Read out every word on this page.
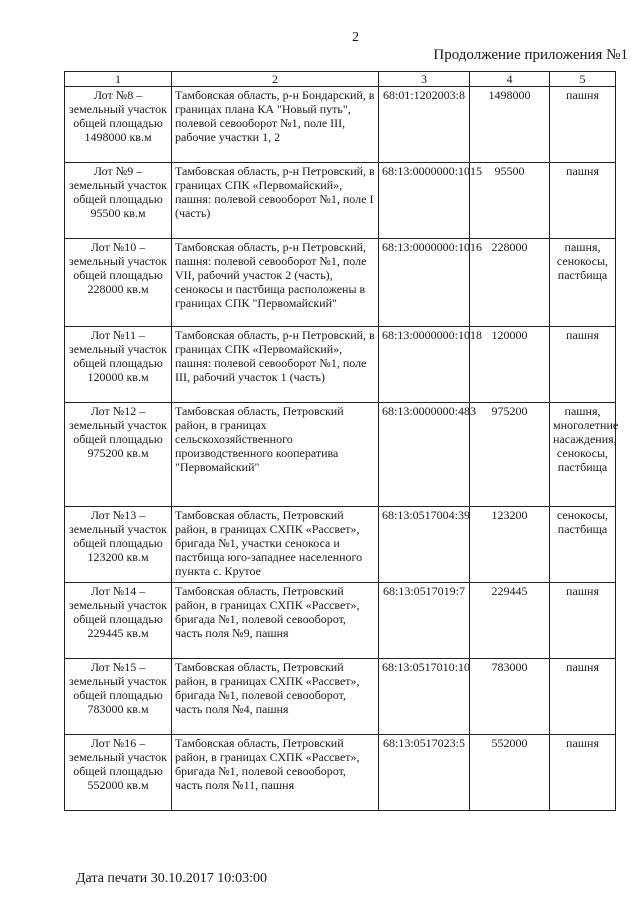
2
Продолжение приложения №1
1	2	3	4	5
Лот №8 – земельный участок общей площадью 1498000 кв.м	Тамбовская область, р-н Бондарский, в границах плана КА "Новый путь", полевой севооборот №1, поле III, рабочие участки 1, 2	68:01:1202003:8	1498000	пашня
Лот №9 – земельный участок общей площадью 95500 кв.м	Тамбовская область, р-н Петровский, в границах СПК «Первомайский», пашня: полевой севооборот №1, поле I (часть)	68:13:0000000:1015	95500	пашня
Лот №10 – земельный участок общей площадью 228000 кв.м	Тамбовская область, р-н Петровский, пашня: полевой севооборот №1, поле VII, рабочий участок 2 (часть), сенокосы и пастбища расположены в границах СПК "Первомайский"	68:13:0000000:1016	228000	пашня, сенокосы, пастбища
Лот №11 – земельный участок общей площадью 120000 кв.м	Тамбовская область, р-н Петровский, в границах СПК «Первомайский», пашня: полевой севооборот №1, поле III, рабочий участок 1 (часть)	68:13:0000000:1018	120000	пашня
Лот №12 – земельный участок общей площадью 975200 кв.м	Тамбовская область, Петровский район, в границах сельскохозяйственного производственного кооператива "Первомайский"	68:13:0000000:483	975200	пашня, многолетние насаждения, сенокосы, пастбища
Лот №13 – земельный участок общей площадью 123200 кв.м	Тамбовская область, Петровский район, в границах СХПК «Рассвет», бригада №1, участки сенокоса и пастбища юго-западнее населенного пункта с. Крутое	68:13:0517004:39	123200	сенокосы, пастбища
Лот №14 – земельный участок общей площадью 229445 кв.м	Тамбовская область, Петровский район, в границах СХПК «Рассвет», бригада №1, полевой севооборот, часть поля №9, пашня	68:13:0517019:7	229445	пашня
Лот №15 – земельный участок общей площадью 783000 кв.м	Тамбовская область, Петровский район, в границах СХПК «Рассвет», бригада №1, полевой севооборот, часть поля №4, пашня	68:13:0517010:10	783000	пашня
Лот №16 – земельный участок общей площадью 552000 кв.м	Тамбовская область, Петровский район, в границах СХПК «Рассвет», бригада №1, полевой севооборот, часть поля №11, пашня	68:13:0517023:5	552000	пашня
Дата печати 30.10.2017 10:03:00
